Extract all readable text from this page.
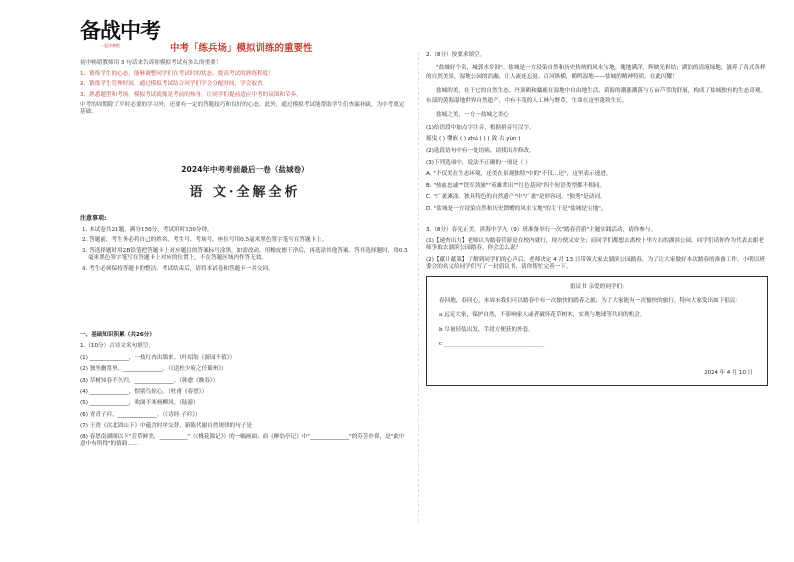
备战中考
一起冲刺吧	中考「练兵场」模拟训练的重要性

初中畅销教师用 3 句话来告诉你模拟考试有多么的重要！

1、锻炼学生的心态，能够调整同学们在考试时的状态，提高考试的熟练程度！

2、锻炼学生管理时间，通过模拟考试结合同学们学会分配时间，学会取舍。

3、熟悉题型和考场。模拟考试就像是考前的热身，让同学们提前适应中考的氛围和节奏，

中考的周期除了平时必要的学习外，还要有一定的答题技巧和良好的心态。此外，通过模拟考试能帮助学生们查漏补缺，为中考奠定基础。

2024年中考考前最后一卷（盐城卷）
语 文·全解全析
注意事项:

1. 本试卷共21题，满分150分，考试用时150分钟。

2. 答题前，考生务必将自己的姓名、考生号、考场号、座位号用0.5毫米黑色签字笔写在答题卡上。

3. 答选择题时用2B铅笔把答题卡上对应题目的答案标号涂黑，如需改动，用橡皮擦干净后，再选涂其他答案。答非选择题时，用0.5毫米黑色签字笔写在答题卡上对应的位置上，不在答题区域内作答无效。

4. 考生必须保持答题卡的整洁。考试结束后，请将本试卷和答题卡一并交回。

一、基础知识积累（共26分）

1.（10分）古诗文名句填空。

(1) ______________，一枝红杏出墙来。（叶绍翁《游园不值》）

(2) 独坐幽篁里，______________。（《送杜少府之任蜀州》）

(3) 草树知春不久归，______________。（韩愈《晚春》）

(4) ______________，恨别鸟惊心。（杜甫《春望》）

(5) ______________，吹面不寒杨柳风。（陆游）

(6) 青青子衿，______________。（《诗经·子衿》）

(7) 王湾《次北固山下》中蕴含时序交替、新陈代谢自然规律的句子是

(8) 春思南湖图以下"芳草鲜美，__________"（《桃花源记》）的一幅画面；而《醉翁亭记》中"______________"的芬芳扑鼻，是"此中意中有所得"的情韵……

2.（8分）按要求填空。

"盐城好个名，城郭水乡间"。盐城是一方浸染自然和历史传统的风水宝地。瑰地满洋，辉映光彩结；湖泊的清流绿地，滋养了各式各样的自然美景，湿地公园的浩瀚，让人流连忘返。百河纵横，鹤鸣湿地——盐城的精神特质，在此闪耀！

盐城的美，在于它的自然生态。丹顶鹤和麋鹿在湿地中自由地生活，黄海的潮涨潮落与万亩芦苇的舒展，构成了盐城独有的生态奇观。东部的黄海湿地世界自然遗产，中有丰茂的人工林与野草，生命在这里蓬勃生长。

盐城之美，一方一盐城之美心

(1)给语段中加点字注音，根据拼音写汉字。

摇曳 ( ) 懂嵌 ( ) zhú ( ) ( 敛 古 yùn )

(2)选段语句中有一处语病，请找出并修改。

(3)下列选项中，说法不正确的一项是（ ）

A. "不仅美在生态环境，还美在景观独特"中的"不仅…还"，这里表示递进。

B. "热血忠诚""铁军劲旅""英雄辈出""红色基因"四个短语类型都不相同。

C. "广袤滩涂、独具特色的自然遗产"中"广袤"是形容词，"独秀"是动词。

D. "盐城是一方浸染自然和历史馈赠的风水宝地"的主干是"盐城是宝地"。

3.（8分）春光正美，滨海中学九（9）班准备举行一次"踏春营游"主题实践活动，请你参与。

(1)【速查出力】老师认为踏春营游是在校内就行，现方便又安全；而同学们都想去离校十里左右的湖滨公园。同学们请你作为代表去跟老师争取去湖滨公园踏春，你会怎么说？

(2)【献计献策】了解到同学们的心声后，老师决定 4 月 13 日带领大家去湖滨公园踏春，为了让大家做好本次踏春的准备工作，小明以班委会的名义给同学们写了一封倡议书，请你帮忙完善一下。

倡议书 亲爱的同学们:

春回地，春回心。本周末我们可以踏春中有一次愉快的踏春之旅，为了大家能有一次愉快的旅行，特向大家发出如下倡议：

a 远足大家，保护自然，不影响家人或者破坏花草树木，实现与地球等共同的机会。

b 尽量轻装出发，手段方便获的外套。

c ____________________________________

2024 年 4 月 10 日
